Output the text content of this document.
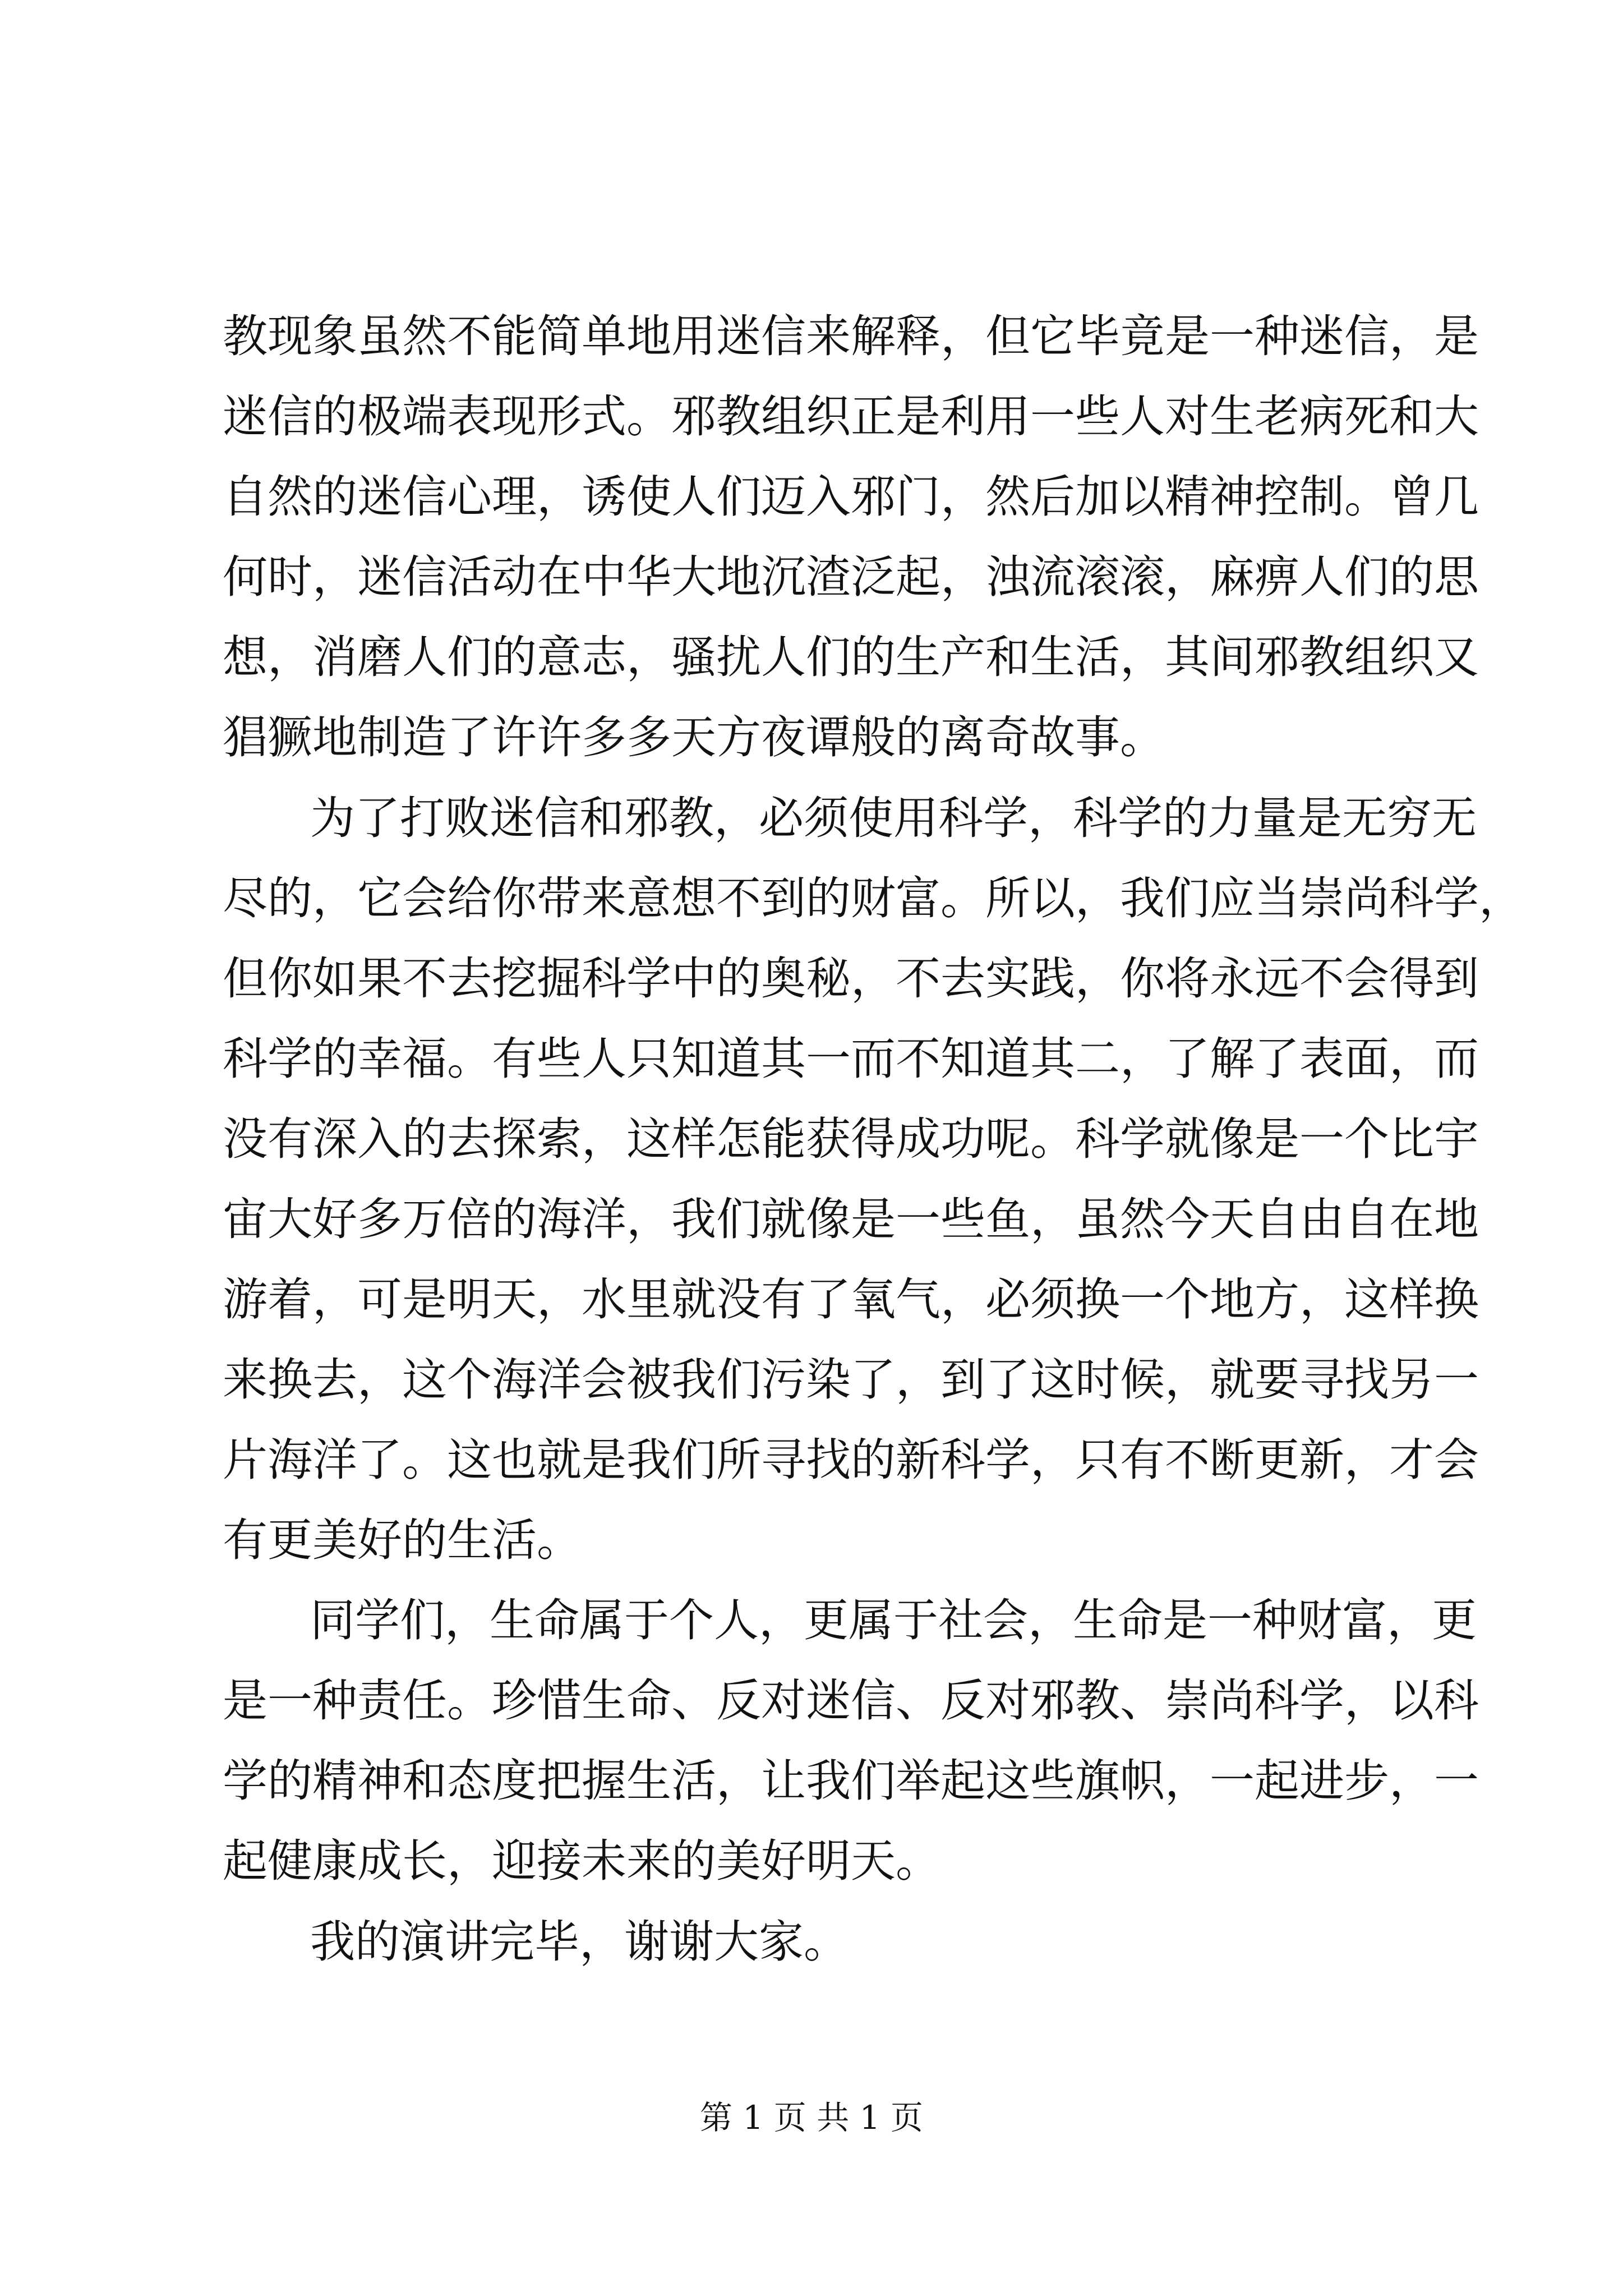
教现象虽然不能简单地用迷信来解释，但它毕竟是一种迷信，是
迷信的极端表现形式。邪教组织正是利用一些人对生老病死和大
自然的迷信心理，诱使人们迈入邪门，然后加以精神控制。曾几
何时，迷信活动在中华大地沉渣泛起，浊流滚滚，麻痹人们的思
想，消磨人们的意志，骚扰人们的生产和生活，其间邪教组织又
猖獗地制造了许许多多天方夜谭般的离奇故事。
为了打败迷信和邪教，必须使用科学，科学的力量是无穷无
尽的，它会给你带来意想不到的财富。所以，我们应当崇尚科学，
但你如果不去挖掘科学中的奥秘，不去实践，你将永远不会得到
科学的幸福。有些人只知道其一而不知道其二，了解了表面，而
没有深入的去探索，这样怎能获得成功呢。科学就像是一个比宇
宙大好多万倍的海洋，我们就像是一些鱼，虽然今天自由自在地
游着，可是明天，水里就没有了氧气，必须换一个地方，这样换
来换去，这个海洋会被我们污染了，到了这时候，就要寻找另一
片海洋了。这也就是我们所寻找的新科学，只有不断更新，才会
有更美好的生活。
同学们，生命属于个人，更属于社会，生命是一种财富，更
是一种责任。珍惜生命、反对迷信、反对邪教、崇尚科学，以科
学的精神和态度把握生活，让我们举起这些旗帜，一起进步，一
起健康成长，迎接未来的美好明天。
我的演讲完毕，谢谢大家。
第 1 页 共 1 页
